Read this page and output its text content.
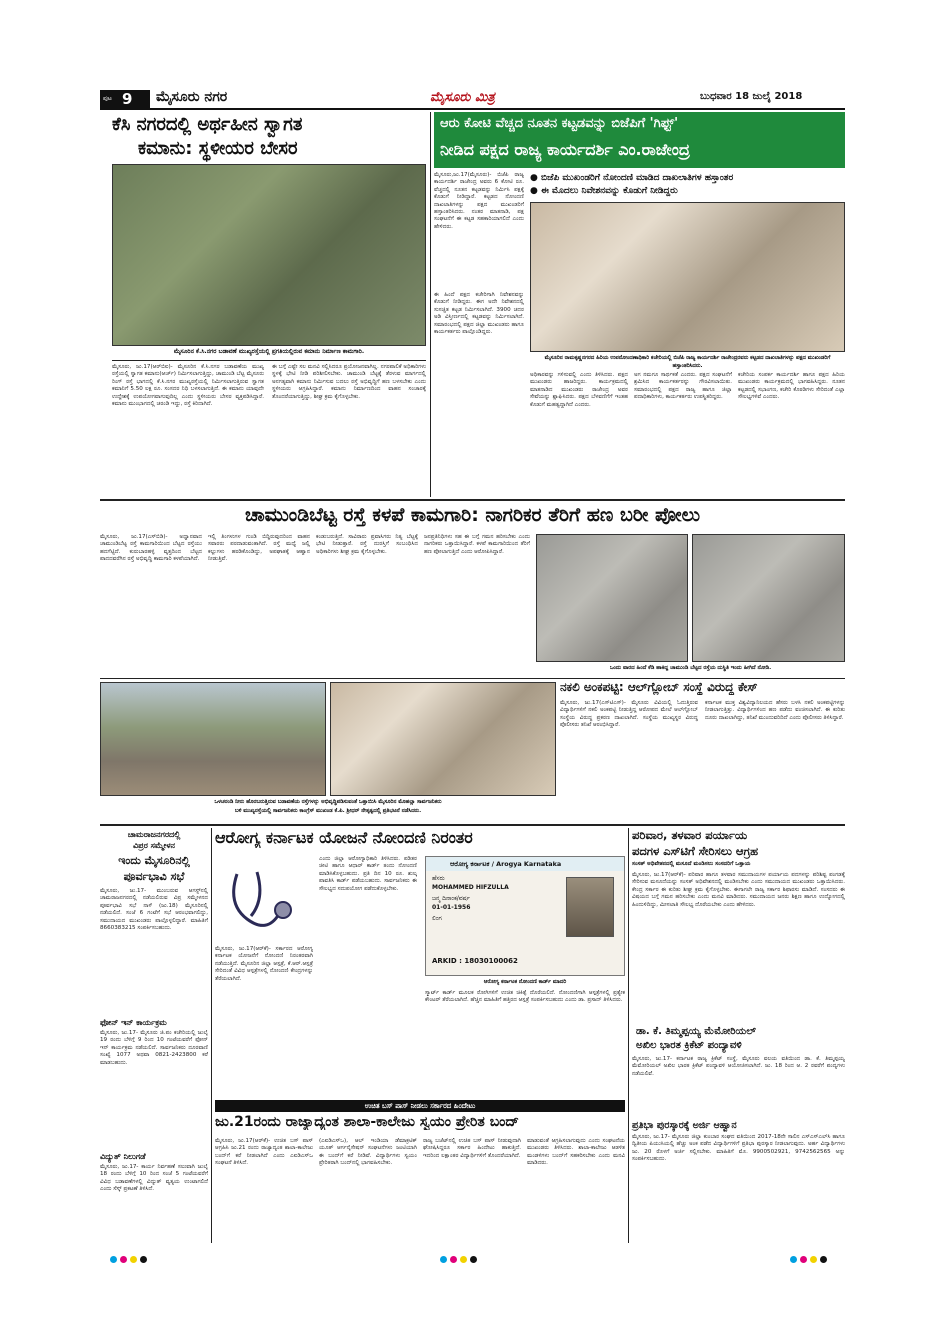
ಪುಟ 9 ಮೈಸೂರು ನಗರ	ಮೈಸೂರು ಮಿತ್ರ	ಬುಧವಾರ 18 ಜುಲೈ 2018
ಕೆಸಿ ನಗರದಲ್ಲಿ ಅರ್ಥಹೀನ ಸ್ವಾಗತ
ಕಮಾನು: ಸ್ಥಳೀಯರ ಬೇಸರ
ಮೈಸೂರಿನ ಕೆ.ಸಿ.ನಗರ ಬಡಾವಣೆ ಮುಖ್ಯರಸ್ತೆಯಲ್ಲಿ ಪ್ರಗತಿಯಲ್ಲಿರುವ ಕಮಾನು ನಿರ್ಮಾಣ ಕಾಮಗಾರಿ.
ಮೈಸೂರು, ಜು.17(ಆರ್‌ಬಿಐ)- ಮೈಸೂರಿನ ಕೆ.ಸಿ.ನಗರ ಬಡಾವಣೆಯ ಮುಖ್ಯ ರಸ್ತೆಯಲ್ಲಿ ಸ್ವಾಗತ ಕಮಾನು(ಆರ್ಚ್) ನಿರ್ಮಿಸಲಾಗುತ್ತಿದ್ದು, ಚಾಮುಂಡಿ ಬೆಟ್ಟ ಮೈಸೂರು ರಿಂಗ್ ರಸ್ತೆ ಭಾಗದಲ್ಲಿ ಕೆ.ಸಿ.ನಗರ ಮುಖ್ಯರಸ್ತೆಯಲ್ಲಿ ನಿರ್ಮಿಸಲಾಗುತ್ತಿರುವ ಸ್ವಾಗತ ಕಮಾನಿಗೆ 5.50 ಲಕ್ಷ ರೂ. ಸಂಸದರ ನಿಧಿ ಬಳಸಲಾಗುತ್ತಿದೆ. ಈ ಕಮಾನು ಯಾವುದೇ ಉದ್ದೇಶಕ್ಕೆ ಉಪಯೋಗವಾಗುವುದಿಲ್ಲ ಎಂದು ಸ್ಥಳೀಯರು ಬೇಸರ ವ್ಯಕ್ತಪಡಿಸಿದ್ದಾರೆ. ಕಮಾನು ಮುಂಭಾಗದಲ್ಲಿ ಚರಂಡಿ ಇದ್ದು, ರಸ್ತೆ ಕಿರಿದಾಗಿದೆ.
ಈ ಬಗ್ಗೆ ಎಷ್ಟೇ ಸಲ ಮನವಿ ಸಲ್ಲಿಸಿದರೂ ಪ್ರಯೋಜನವಾಗಿಲ್ಲ. ನಗರಪಾಲಿಕೆ ಅಧಿಕಾರಿಗಳು ಸ್ಥಳಕ್ಕೆ ಭೇಟಿ ನೀಡಿ ಪರಿಶೀಲಿಸಬೇಕು. ಚಾಮುಂಡಿ ಬೆಟ್ಟಕ್ಕೆ ತೆರಳುವ ಮಾರ್ಗದಲ್ಲಿ ಅನಗತ್ಯವಾಗಿ ಕಮಾನು ನಿರ್ಮಿಸುವ ಬದಲು ರಸ್ತೆ ಅಭಿವೃದ್ಧಿಗೆ ಹಣ ಬಳಸಬೇಕು ಎಂದು ಸ್ಥಳೀಯರು ಆಗ್ರಹಿಸಿದ್ದಾರೆ. ಕಮಾನು ನಿರ್ಮಾಣದಿಂದ ವಾಹನ ಸಂಚಾರಕ್ಕೆ ತೊಂದರೆಯಾಗುತ್ತಿದ್ದು, ಶೀಘ್ರ ಕ್ರಮ ಕೈಗೊಳ್ಳಬೇಕು.
ಆರು ಕೋಟಿ ವೆಚ್ಚದ ನೂತನ ಕಟ್ಟಡವನ್ನು ಬಿಜೆಪಿಗೆ 'ಗಿಫ್ಟ್'
ನೀಡಿದ ಪಕ್ಷದ ರಾಜ್ಯ ಕಾರ್ಯದರ್ಶಿ ಎಂ.ರಾಜೇಂದ್ರ
ಮೈಸೂರು,ಜು.17(ಮೈಸೂರು)- ಬಿಜೆಪಿ ರಾಜ್ಯ ಕಾರ್ಯದರ್ಶಿ ರಾಜೇಂದ್ರ ಅವರು 6 ಕೋಟಿ ರೂ. ವೆಚ್ಚದಲ್ಲಿ ನೂತನ ಕಟ್ಟಡವನ್ನು ನಿರ್ಮಿಸಿ ಪಕ್ಷಕ್ಕೆ ಕೊಡುಗೆ ನೀಡಿದ್ದಾರೆ. ಕಟ್ಟಡದ ನೋಂದಣಿ ದಾಖಲಾತಿಗಳನ್ನು ಪಕ್ಷದ ಮುಖಂಡರಿಗೆ ಹಸ್ತಾಂತರಿಸಿದರು. ನಂತರ ಮಾತನಾಡಿ, ಪಕ್ಷ ಸಂಘಟನೆಗೆ ಈ ಕಟ್ಟಡ ಸಹಕಾರಿಯಾಗಲಿದೆ ಎಂದು ಹೇಳಿದರು.
ಈ ಹಿಂದೆ ಪಕ್ಷದ ಕಚೇರಿಗಾಗಿ ನಿವೇಶನವನ್ನು ಕೊಡುಗೆ ನೀಡಿದ್ದರು. ಈಗ ಅದೇ ನಿವೇಶನದಲ್ಲಿ ಸುಸಜ್ಜಿತ ಕಟ್ಟಡ ನಿರ್ಮಿಸಲಾಗಿದೆ. 3900 ಚದರ ಅಡಿ ವಿಸ್ತೀರ್ಣದಲ್ಲಿ ಕಟ್ಟಡವನ್ನು ನಿರ್ಮಿಸಲಾಗಿದೆ. ಸಮಾರಂಭದಲ್ಲಿ ಪಕ್ಷದ ಜಿಲ್ಲಾ ಮುಖಂಡರು ಹಾಗೂ ಕಾರ್ಯಕರ್ತರು ಪಾಲ್ಗೊಂಡಿದ್ದರು.
● ಬಿಜೆಪಿ ಮುಖಂಡರಿಗೆ ನೋಂದಣಿ ಮಾಡಿದ ದಾಖಲಾತಿಗಳ ಹಸ್ತಾಂತರ
● ಈ ಮೊದಲು ನಿವೇಶನವನ್ನು ಕೊಡುಗೆ ನೀಡಿದ್ದರು
ಮೈಸೂರಿನ ರಾಮಕೃಷ್ಣನಗರದ ಹಿರಿಯ ಉಪನೋಂದಣಾಧಿಕಾರಿ ಕಚೇರಿಯಲ್ಲಿ ಬಿಜೆಪಿ ರಾಜ್ಯ ಕಾರ್ಯದರ್ಶಿ ರಾಜೇಂದ್ರರವರು ಕಟ್ಟಡದ ದಾಖಲಾತಿಗಳನ್ನು ಪಕ್ಷದ ಮುಖಂಡರಿಗೆ ಹಸ್ತಾಂತರಿಸಿದರು.
ಅಧಿಕಾರವನ್ನು ಗಳಿಸುವಲ್ಲಿ ಎಂದು ತಿಳಿಸಿದರು. ಪಕ್ಷದ ಮುಖಂಡರು ಹಾಜರಿದ್ದರು. ಕಾರ್ಯಕ್ರಮದಲ್ಲಿ ಮಾತನಾಡಿದ ಮುಖಂಡರು ರಾಜೇಂದ್ರ ಅವರ ಸೇವೆಯನ್ನು ಶ್ಲಾಘಿಸಿದರು. ಪಕ್ಷದ ಬೆಳವಣಿಗೆಗೆ ಇಂತಹ ಕೊಡುಗೆ ಮಹತ್ವದ್ದಾಗಿದೆ ಎಂದರು.
ಅಗ ನಮಗೂ ಸಾರ್ಥಕತೆ ಎಂದರು. ಪಕ್ಷದ ಸಂಘಟನೆಗೆ ಶ್ರಮಿಸಿದ ಕಾರ್ಯಕರ್ತರನ್ನು ಗೌರವಿಸಲಾಯಿತು. ಸಮಾರಂಭದಲ್ಲಿ ಪಕ್ಷದ ರಾಜ್ಯ ಹಾಗೂ ಜಿಲ್ಲಾ ಪದಾಧಿಕಾರಿಗಳು, ಕಾರ್ಯಕರ್ತರು ಉಪಸ್ಥಿತರಿದ್ದರು.
ಕಚೇರಿಯ ಸಂಪರ್ಕ ಕಾರ್ಯದರ್ಶಿ ಹಾಗೂ ಪಕ್ಷದ ಹಿರಿಯ ಮುಖಂಡರು ಕಾರ್ಯಕ್ರಮದಲ್ಲಿ ಭಾಗವಹಿಸಿದ್ದರು. ನೂತನ ಕಟ್ಟಡದಲ್ಲಿ ಸಭಾಂಗಣ, ಕಚೇರಿ ಕೊಠಡಿಗಳು ಸೇರಿದಂತೆ ಎಲ್ಲಾ ಸೌಲಭ್ಯಗಳಿವೆ ಎಂದರು.
ಚಾಮುಂಡಿಬೆಟ್ಟ ರಸ್ತೆ ಕಳಪೆ ಕಾಮಗಾರಿ: ನಾಗರಿಕರ ತೆರಿಗೆ ಹಣ ಬರೀ ಪೋಲು
ಮೈಸೂರು, ಜು.17(ಎಸ್‌ಬಿಡಿ)- ಅಧ್ವಾನವಾದ ಚಾಮುಂಡಿಬೆಟ್ಟ ರಸ್ತೆ ಕಾಮಗಾರಿಯಿಂದ ಬೆಟ್ಟದ ರಸ್ತೆಯು ಹದಗೆಟ್ಟಿದೆ. ಕುರುಬಾರಹಳ್ಳಿ ವೃತ್ತದಿಂದ ಬೆಟ್ಟದ ಪಾದದವರೆಗಿನ ರಸ್ತೆ ಅಭಿವೃದ್ಧಿ ಕಾಮಗಾರಿ ಕಳಪೆಯಾಗಿದೆ.
ಇಲ್ಲಿ ತಿಂಗಳುಗಳ ಗುಂಡಿ ಬಿದ್ದಿರುವುದರಿಂದ ವಾಹನ ಸವಾರರು ಪರದಾಡುವಂತಾಗಿದೆ. ರಸ್ತೆ ಮಧ್ಯೆ ಜಲ್ಲಿ ಕಲ್ಲುಗಳು ಹರಡಿಕೊಂಡಿದ್ದು, ಅಪಘಾತಕ್ಕೆ ಆಹ್ವಾನ ನೀಡುತ್ತಿವೆ.
ಕಂಡುಬರುತ್ತಿದೆ. ಸಾವಿರಾರು ಪ್ರವಾಸಿಗರು ನಿತ್ಯ ಬೆಟ್ಟಕ್ಕೆ ಭೇಟಿ ನೀಡುತ್ತಾರೆ. ರಸ್ತೆ ದುರಸ್ತಿಗೆ ಸಂಬಂಧಿಸಿದ ಅಧಿಕಾರಿಗಳು ಶೀಘ್ರ ಕ್ರಮ ಕೈಗೊಳ್ಳಬೇಕು.
ಜನಪ್ರತಿನಿಧಿಗಳು ಸಹ ಈ ಬಗ್ಗೆ ಗಮನ ಹರಿಸಬೇಕು ಎಂದು ನಾಗರಿಕರು ಒತ್ತಾಯಿಸಿದ್ದಾರೆ. ಕಳಪೆ ಕಾಮಗಾರಿಯಿಂದ ತೆರಿಗೆ ಹಣ ಪೋಲಾಗುತ್ತಿದೆ ಎಂದು ಆರೋಪಿಸಿದ್ದಾರೆ.
ಒಂದು ವಾರದ ಹಿಂದೆ ಕೆಡಿ ಹಾಕಿದ್ದ ಚಾಮುಂಡಿ ಬೆಟ್ಟದ ರಸ್ತೆಯ ದುಸ್ಥಿತಿ ಇಂದು ಹೀಗಿದೆ ನೋಡಿ.
ಒಳಚರಂಡಿ ನೀರು ಹೊರಬರುತ್ತಿರುವ ಬಡಾವಣೆಯ ರಸ್ತೆಗಳನ್ನು ಅಭಿವೃದ್ಧಿಪಡಿಸುವಂತೆ ಒತ್ತಾಯಿಸಿ ಮೈಸೂರಿನ ಮೊಹಲ್ಲಾ ಸಾರ್ವಜನಿಕರು
ಬಳಿ ಮುಖ್ಯರಸ್ತೆಯಲ್ಲಿ ಸಾರ್ವಜನಿಕರು ಕಾಂಗ್ರೆಸ್ ಮುಖಂಡ ಕೆ.ಪಿ. ಶ್ರೀಧರ್ ನೇತೃತ್ವದಲ್ಲಿ ಪ್ರತಿಭಟನೆ ನಡೆಸಿದರು.
ನಕಲಿ ಅಂಕಪಟ್ಟಿ: ಆಲ್‌ಗ್ಲೋಬ್ ಸಂಸ್ಥೆ ವಿರುದ್ಧ ಕೇಸ್
ಮೈಸೂರು, ಜು.17(ಎಸ್‌ಟಿಎಸ್)- ಮೈಸೂರು ವಿವಿಯಲ್ಲಿ ಓದುತ್ತಿರುವ ವಿದ್ಯಾರ್ಥಿಗಳಿಗೆ ನಕಲಿ ಅಂಕಪಟ್ಟಿ ನೀಡುತ್ತಿದ್ದ ಆರೋಪದ ಮೇಲೆ ಆಲ್‌ಗ್ಲೋಬ್ ಸಂಸ್ಥೆಯ ವಿರುದ್ಧ ಪ್ರಕರಣ ದಾಖಲಾಗಿದೆ. ಸಂಸ್ಥೆಯ ಮುಖ್ಯಸ್ಥರ ವಿರುದ್ಧ ಪೊಲೀಸರು ತನಿಖೆ ಆರಂಭಿಸಿದ್ದಾರೆ.
ಕರ್ನಾಟಕ ಮುಕ್ತ ವಿಶ್ವವಿದ್ಯಾನಿಲಯದ ಹೆಸರು ಬಳಸಿ ನಕಲಿ ಅಂಕಪಟ್ಟಿಗಳನ್ನು ನೀಡಲಾಗುತ್ತಿತ್ತು. ವಿದ್ಯಾರ್ಥಿಗಳಿಂದ ಹಣ ಪಡೆದು ವಂಚಿಸಲಾಗಿದೆ. ಈ ಕುರಿತು ದೂರು ದಾಖಲಾಗಿದ್ದು, ತನಿಖೆ ಮುಂದುವರಿದಿದೆ ಎಂದು ಪೊಲೀಸರು ತಿಳಿಸಿದ್ದಾರೆ.
ಚಾಮರಾಜನಗರದಲ್ಲಿ
ವಿಪ್ರರ ಸಮ್ಮೇಳನ
ಇಂದು ಮೈಸೂರಿನಲ್ಲಿ
ಪೂರ್ವಭಾವಿ ಸಭೆ
ಮೈಸೂರು, ಜು.17- ಮುಂಬರುವ ಆಗಸ್ಟ್‌ನಲ್ಲಿ ಚಾಮರಾಜನಗರದಲ್ಲಿ ನಡೆಯಲಿರುವ ವಿಪ್ರ ಸಮ್ಮೇಳನದ ಪೂರ್ವಭಾವಿ ಸಭೆ ನಾಳೆ (ಜು.18) ಮೈಸೂರಿನಲ್ಲಿ ನಡೆಯಲಿದೆ. ಸಂಜೆ 6 ಗಂಟೆಗೆ ಸಭೆ ಆರಂಭವಾಗಲಿದ್ದು, ಸಮುದಾಯದ ಮುಖಂಡರು ಪಾಲ್ಗೊಳ್ಳಲಿದ್ದಾರೆ. ಮಾಹಿತಿಗೆ 8660383215 ಸಂಪರ್ಕಿಸಬಹುದು.
ಫೋನ್ ಇನ್ ಕಾರ್ಯಕ್ರಮ
ಮೈಸೂರು, ಜು.17- ಮೈಸೂರು ಜಿ.ಪಂ ಕಚೇರಿಯಲ್ಲಿ ಜುಲೈ 19 ರಂದು ಬೆಳಿಗ್ಗೆ 9 ರಿಂದ 10 ಗಂಟೆಯವರೆಗೆ ಫೋನ್ ಇನ್ ಕಾರ್ಯಕ್ರಮ ನಡೆಯಲಿದೆ. ಸಾರ್ವಜನಿಕರು ದೂರವಾಣಿ ಸಂಖ್ಯೆ 1077 ಅಥವಾ 0821-2423800 ಕರೆ ಮಾಡಬಹುದು.
ವಿದ್ಯುತ್ ನಿಲುಗಡೆ
ಮೈಸೂರು, ಜು.17- ಕಾರ್ಯ ನಿರ್ವಹಣೆ ಸಲುವಾಗಿ ಜುಲೈ 18 ರಂದು ಬೆಳಿಗ್ಗೆ 10 ರಿಂದ ಸಂಜೆ 5 ಗಂಟೆಯವರೆಗೆ ವಿವಿಧ ಬಡಾವಣೆಗಳಲ್ಲಿ ವಿದ್ಯುತ್ ವ್ಯತ್ಯಯ ಉಂಟಾಗಲಿದೆ ಎಂದು ಸೆಸ್ಕ್ ಪ್ರಕಟಣೆ ತಿಳಿಸಿದೆ.
ಆರೋಗ್ಯ ಕರ್ನಾಟಕ ಯೋಜನೆ ನೋಂದಣಿ ನಿರಂತರ
ಮೈಸೂರು, ಜು.17(ಆರ್‌ಕೆ)- ಸರ್ಕಾರದ ಆರೋಗ್ಯ ಕರ್ನಾಟಕ ಯೋಜನೆಗೆ ನೋಂದಣಿ ನಿರಂತರವಾಗಿ ನಡೆಯುತ್ತಿದೆ. ಮೈಸೂರಿನ ಜಿಲ್ಲಾ ಆಸ್ಪತ್ರೆ, ಕೆ.ಆರ್.ಆಸ್ಪತ್ರೆ ಸೇರಿದಂತೆ ವಿವಿಧ ಆಸ್ಪತ್ರೆಗಳಲ್ಲಿ ನೋಂದಣಿ ಕೇಂದ್ರಗಳನ್ನು ತೆರೆಯಲಾಗಿದೆ.
ಎಂದು ಜಿಲ್ಲಾ ಆರೋಗ್ಯಾಧಿಕಾರಿ ತಿಳಿಸಿದರು. ಪಡಿತರ ಚೀಟಿ ಹಾಗೂ ಆಧಾರ್ ಕಾರ್ಡ್ ತಂದು ನೋಂದಣಿ ಮಾಡಿಸಿಕೊಳ್ಳಬಹುದು. ಪ್ರತಿ ದಿನ 10 ರೂ. ಶುಲ್ಕ ಪಾವತಿಸಿ ಕಾರ್ಡ್ ಪಡೆಯಬಹುದು. ಸಾರ್ವಜನಿಕರು ಈ ಸೌಲಭ್ಯದ ಸದುಪಯೋಗ ಪಡೆದುಕೊಳ್ಳಬೇಕು.
ಆರೋಗ್ಯ ಕರ್ನಾಟಕ / Arogya Karnataka
ಹೆಸರು
MOHAMMED HIFZULLA
ಜನ್ಮ ದಿನಾಂಕ/ವರ್ಷ
01-01-1956
ಲಿಂಗ
ARKID : 18030100062
ಆರೋಗ್ಯ ಕರ್ನಾಟಕ ನೋಂದಣಿ ಕಾರ್ಡ್ ಮಾದರಿ
ಸ್ಮಾರ್ಟ್ ಕಾರ್ಡ್ ಮೂಲಕ ರೋಗಿಗಳಿಗೆ ಉಚಿತ ಚಿಕಿತ್ಸೆ ದೊರೆಯಲಿದೆ. ನೋಂದಣಿಗಾಗಿ ಆಸ್ಪತ್ರೆಗಳಲ್ಲಿ ಪ್ರತ್ಯೇಕ ಕೌಂಟರ್ ತೆರೆಯಲಾಗಿದೆ. ಹೆಚ್ಚಿನ ಮಾಹಿತಿಗೆ ಹತ್ತಿರದ ಆಸ್ಪತ್ರೆ ಸಂಪರ್ಕಿಸಬಹುದು ಎಂದು ಡಾ. ಪ್ರಸಾದ್ ತಿಳಿಸಿದರು.
ಉಚಿತ ಬಸ್ ಪಾಸ್ ನೀಡಲು ಸರ್ಕಾರದ ಹಿಂದೇಟು
ಜು.21ರಂದು ರಾಜ್ಯಾದ್ಯಂತ ಶಾಲಾ-ಕಾಲೇಜು ಸ್ವಯಂ ಪ್ರೇರಿತ ಬಂದ್
ಮೈಸೂರು, ಜು.17(ಆರ್‌ಕೆ)- ಉಚಿತ ಬಸ್ ಪಾಸ್ ಆಗ್ರಹಿಸಿ ಜು.21 ರಂದು ರಾಜ್ಯಾದ್ಯಂತ ಶಾಲಾ-ಕಾಲೇಜು ಬಂದ್‌ಗೆ ಕರೆ ನೀಡಲಾಗಿದೆ ಎಂದು ಎಐಡಿಎಸ್‌ಒ ಸಂಘಟನೆ ತಿಳಿಸಿದೆ.
(ಎಐಡಿಎಸ್‌ಒ), ಆಲ್ ಇಂಡಿಯಾ ಡೆಮಾಕ್ರಟಿಕ್ ಯೂತ್ ಆರ್ಗನೈಸೇಷನ್ ಸಂಘಟನೆಗಳು ಜಂಟಿಯಾಗಿ ಈ ಬಂದ್‌ಗೆ ಕರೆ ನೀಡಿವೆ. ವಿದ್ಯಾರ್ಥಿಗಳು ಸ್ವಯಂ ಪ್ರೇರಿತರಾಗಿ ಬಂದ್‌ನಲ್ಲಿ ಭಾಗವಹಿಸಬೇಕು.
ರಾಜ್ಯ ಬಜೆಟ್‌ನಲ್ಲಿ ಉಚಿತ ಬಸ್ ಪಾಸ್ ನೀಡುವುದಾಗಿ ಘೋಷಿಸಿದ್ದರೂ ಸರ್ಕಾರ ಹಿಂದೇಟು ಹಾಕುತ್ತಿದೆ. ಇದರಿಂದ ಲಕ್ಷಾಂತರ ವಿದ್ಯಾರ್ಥಿಗಳಿಗೆ ತೊಂದರೆಯಾಗಿದೆ.
ಮಾಡುವಂತೆ ಆಗ್ರಹಿಸಲಾಗುವುದು ಎಂದು ಸಂಘಟನೆಯ ಮುಖಂಡರು ತಿಳಿಸಿದರು. ಶಾಲಾ-ಕಾಲೇಜು ಆಡಳಿತ ಮಂಡಳಿಗಳು ಬಂದ್‌ಗೆ ಸಹಕರಿಸಬೇಕು ಎಂದು ಮನವಿ ಮಾಡಿದರು.
ಪರಿವಾರ, ತಳವಾರ ಪರ್ಯಾಯ
ಪದಗಳ ಎಸ್‌ಟಿಗೆ ಸೇರಿಸಲು ಆಗ್ರಹ
ಸಂಸತ್ ಅಧಿವೇಶನದಲ್ಲಿ ಮಸೂದೆ ಮಂಡಿಸಲು ಸಂಸದರಿಗೆ ಒತ್ತಾಯ
ಮೈಸೂರು, ಜು.17(ಆರ್‌ಕೆ)- ಪರಿವಾರ ಹಾಗೂ ತಳವಾರ ಸಮುದಾಯಗಳ ಪರ್ಯಾಯ ಪದಗಳನ್ನು ಪರಿಶಿಷ್ಟ ಪಂಗಡಕ್ಕೆ ಸೇರಿಸುವ ಮಸೂದೆಯನ್ನು ಸಂಸತ್ ಅಧಿವೇಶನದಲ್ಲಿ ಮಂಡಿಸಬೇಕು ಎಂದು ಸಮುದಾಯದ ಮುಖಂಡರು ಒತ್ತಾಯಿಸಿದರು. ಕೇಂದ್ರ ಸರ್ಕಾರ ಈ ಕುರಿತು ಶೀಘ್ರ ಕ್ರಮ ಕೈಗೊಳ್ಳಬೇಕು. ಈಗಾಗಲೇ ರಾಜ್ಯ ಸರ್ಕಾರ ಶಿಫಾರಸು ಮಾಡಿದೆ. ಸಂಸದರು ಈ ವಿಷಯದ ಬಗ್ಗೆ ಗಮನ ಹರಿಸಬೇಕು ಎಂದು ಮನವಿ ಮಾಡಿದರು. ಸಮುದಾಯದ ಜನರು ಶಿಕ್ಷಣ ಹಾಗೂ ಉದ್ಯೋಗದಲ್ಲಿ ಹಿಂದುಳಿದಿದ್ದು, ಮೀಸಲಾತಿ ಸೌಲಭ್ಯ ದೊರೆಯಬೇಕು ಎಂದು ಹೇಳಿದರು.
ಡಾ. ಕೆ. ತಿಮ್ಮಪ್ಪಯ್ಯ ಮೆಮೋರಿಯಲ್
ಅಖಿಲ ಭಾರತ ಕ್ರಿಕೆಟ್ ಪಂದ್ಯಾವಳಿ
ಮೈಸೂರು, ಜು.17- ಕರ್ನಾಟಕ ರಾಜ್ಯ ಕ್ರಿಕೆಟ್ ಸಂಸ್ಥೆ, ಮೈಸೂರು ವಲಯ ವತಿಯಿಂದ ಡಾ. ಕೆ. ತಿಮ್ಮಪ್ಪಯ್ಯ ಮೆಮೋರಿಯಲ್ ಅಖಿಲ ಭಾರತ ಕ್ರಿಕೆಟ್ ಪಂದ್ಯಾವಳಿ ಆಯೋಜಿಸಲಾಗಿದೆ. ಜು. 18 ರಿಂದ ಆ. 2 ರವರೆಗೆ ಪಂದ್ಯಗಳು ನಡೆಯಲಿವೆ.
ಪ್ರತಿಭಾ ಪುರಸ್ಕಾರಕ್ಕೆ ಅರ್ಜಿ ಆಹ್ವಾನ
ಮೈಸೂರು, ಜು.17- ಮೈಸೂರು ಜಿಲ್ಲಾ ಕುಂಬಾರ ಸಂಘದ ವತಿಯಿಂದ 2017-18ನೇ ಸಾಲಿನ ಎಸ್‌ಎಸ್‌ಎಲ್‌ಸಿ ಹಾಗೂ ದ್ವಿತೀಯ ಪಿಯುಸಿಯಲ್ಲಿ ಹೆಚ್ಚು ಅಂಕ ಪಡೆದ ವಿದ್ಯಾರ್ಥಿಗಳಿಗೆ ಪ್ರತಿಭಾ ಪುರಸ್ಕಾರ ನೀಡಲಾಗುವುದು. ಅರ್ಹ ವಿದ್ಯಾರ್ಥಿಗಳು ಜು. 20 ರೊಳಗೆ ಅರ್ಜಿ ಸಲ್ಲಿಸಬೇಕು. ಮಾಹಿತಿಗೆ ಮೊ. 9900502921, 9742562565 ಅನ್ನು ಸಂಪರ್ಕಿಸಬಹುದು.
